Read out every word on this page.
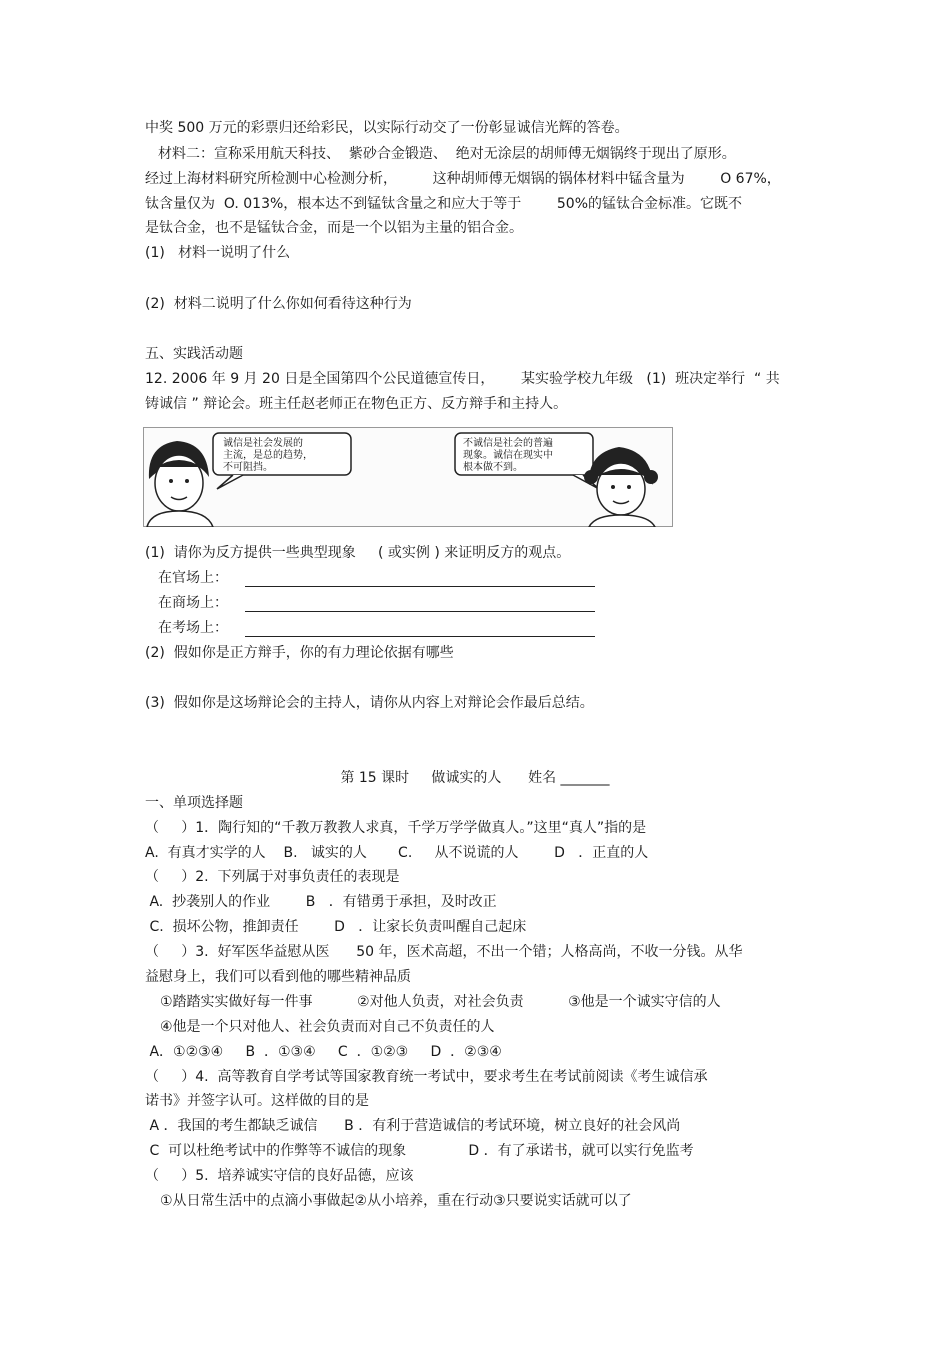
中奖 500 万元的彩票归还给彩民，以实际行动交了一份彰显诚信光辉的答卷。
材料二：宣称采用航天科技、  紫砂合金锻造、  绝对无涂层的胡师傅无烟锅终于现出了原形。
经过上海材料研究所检测中心检测分析，        这种胡师傅无烟锅的锅体材料中锰含量为        O 67%，
钛含量仅为  O. 013%，根本达不到锰钛含量之和应大于等于        50%的锰钛合金标准。它既不
是钛合金，也不是锰钛合金，而是一个以铝为主量的铝合金。
(1)   材料一说明了什么
(2)  材料二说明了什么你如何看待这种行为
五、实践活动题
12. 2006 年 9 月 20 日是全国第四个公民道德宣传日，      某实验学校九年级   (1)  班决定举行  “ 共
铸诚信 ” 辩论会。班主任赵老师正在物色正方、反方辩手和主持人。
诚信是社会发展的
主流，是总的趋势，
不可阻挡。
不诚信是社会的普遍
现象。诚信在现实中
根本做不到。
(1)  请你为反方提供一些典型现象     ( 或实例 ) 来证明反方的观点。
在官场上：
在商场上：
在考场上：
(2)  假如你是正方辩手，你的有力理论依据有哪些
(3)  假如你是这场辩论会的主持人，请你从内容上对辩论会作最后总结。
第 15 课时     做诚实的人      姓名 _______
一、单项选择题
（     ）1．陶行知的“千教万教教人求真，千学万学学做真人。”这里“真人”指的是
A.  有真才实学的人    B.   诚实的人       C.     从不说谎的人        D   ．正直的人
（     ）2.  下列属于对事负责任的表现是
A.  抄袭别人的作业        B   ．有错勇于承担，及时改正
C.  损坏公物，推卸责任        D   ．让家长负责叫醒自己起床
（     ）3.  好军医华益慰从医      50 年，医术高超，不出一个错；人格高尚，不收一分钱。从华
益慰身上，我们可以看到他的哪些精神品质
①踏踏实实做好每一件事          ②对他人负责，对社会负责          ③他是一个诚实守信的人
④他是一个只对他人、社会负责而对自己不负责任的人
A．①②③④     B  ．①③④     C  ．①②③     D  ．②③④
（     ）4.  高等教育自学考试等国家教育统一考试中，要求考生在考试前阅读《考生诚信承
诺书》并签字认可。这样做的目的是
A ．我国的考生都缺乏诚信      B ．有利于营造诚信的考试环境，树立良好的社会风尚
C  可以杜绝考试中的作弊等不诚信的现象              D ．有了承诺书，就可以实行免监考
（     ）5.  培养诚实守信的良好品德，应该
①从日常生活中的点滴小事做起②从小培养，重在行动③只要说实话就可以了
